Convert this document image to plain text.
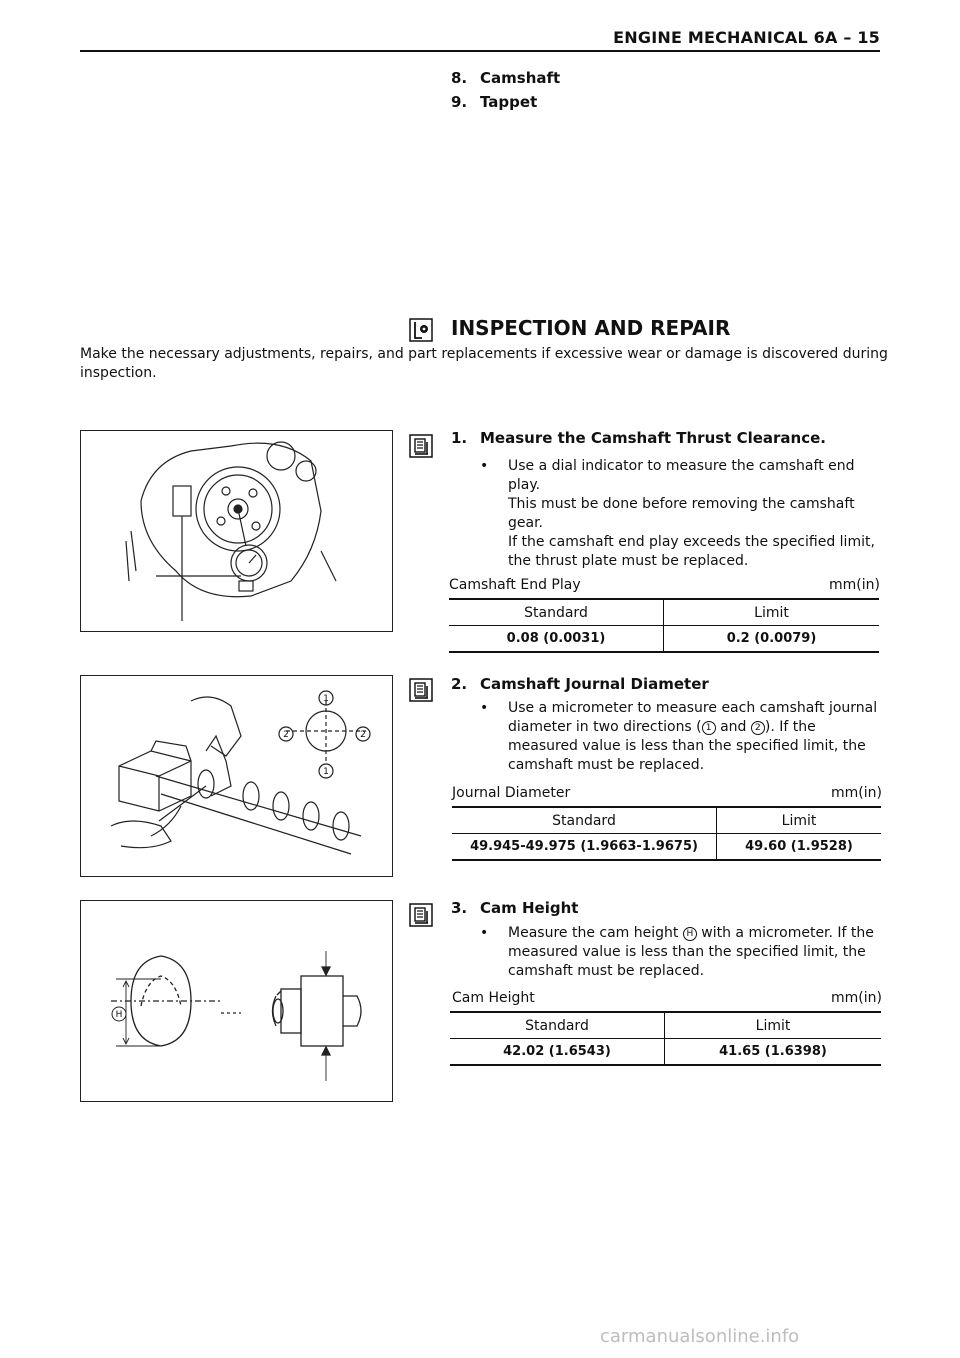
ENGINE MECHANICAL 6A – 15
8. Camshaft
9. Tappet
INSPECTION AND REPAIR
Make the necessary adjustments, repairs, and part replacements if excessive wear or damage is discovered during inspection.
1. Measure the Camshaft Thrust Clearance.
• Use a dial indicator to measure the camshaft end play.
This must be done before removing the camshaft gear.
If the camshaft end play exceeds the specified limit, the thrust plate must be replaced.
Camshaft End Play	mm(in)
Standard	Limit
0.08 (0.0031)	0.2 (0.0079)
1
2	2
1
2. Camshaft Journal Diameter
• Use a micrometer to measure each camshaft journal diameter in two directions ( 1 and 2 ). If the measured value is less than the specified limit, the camshaft must be replaced.
Journal Diameter	mm(in)
Standard	Limit
49.945-49.975 (1.9663-1.9675)	49.60 (1.9528)
H
3. Cam Height
• Measure the cam height H with a micrometer. If the measured value is less than the specified limit, the camshaft must be replaced.
Cam Height	mm(in)
Standard	Limit
42.02 (1.6543)	41.65 (1.6398)
carmanualsonline.info
